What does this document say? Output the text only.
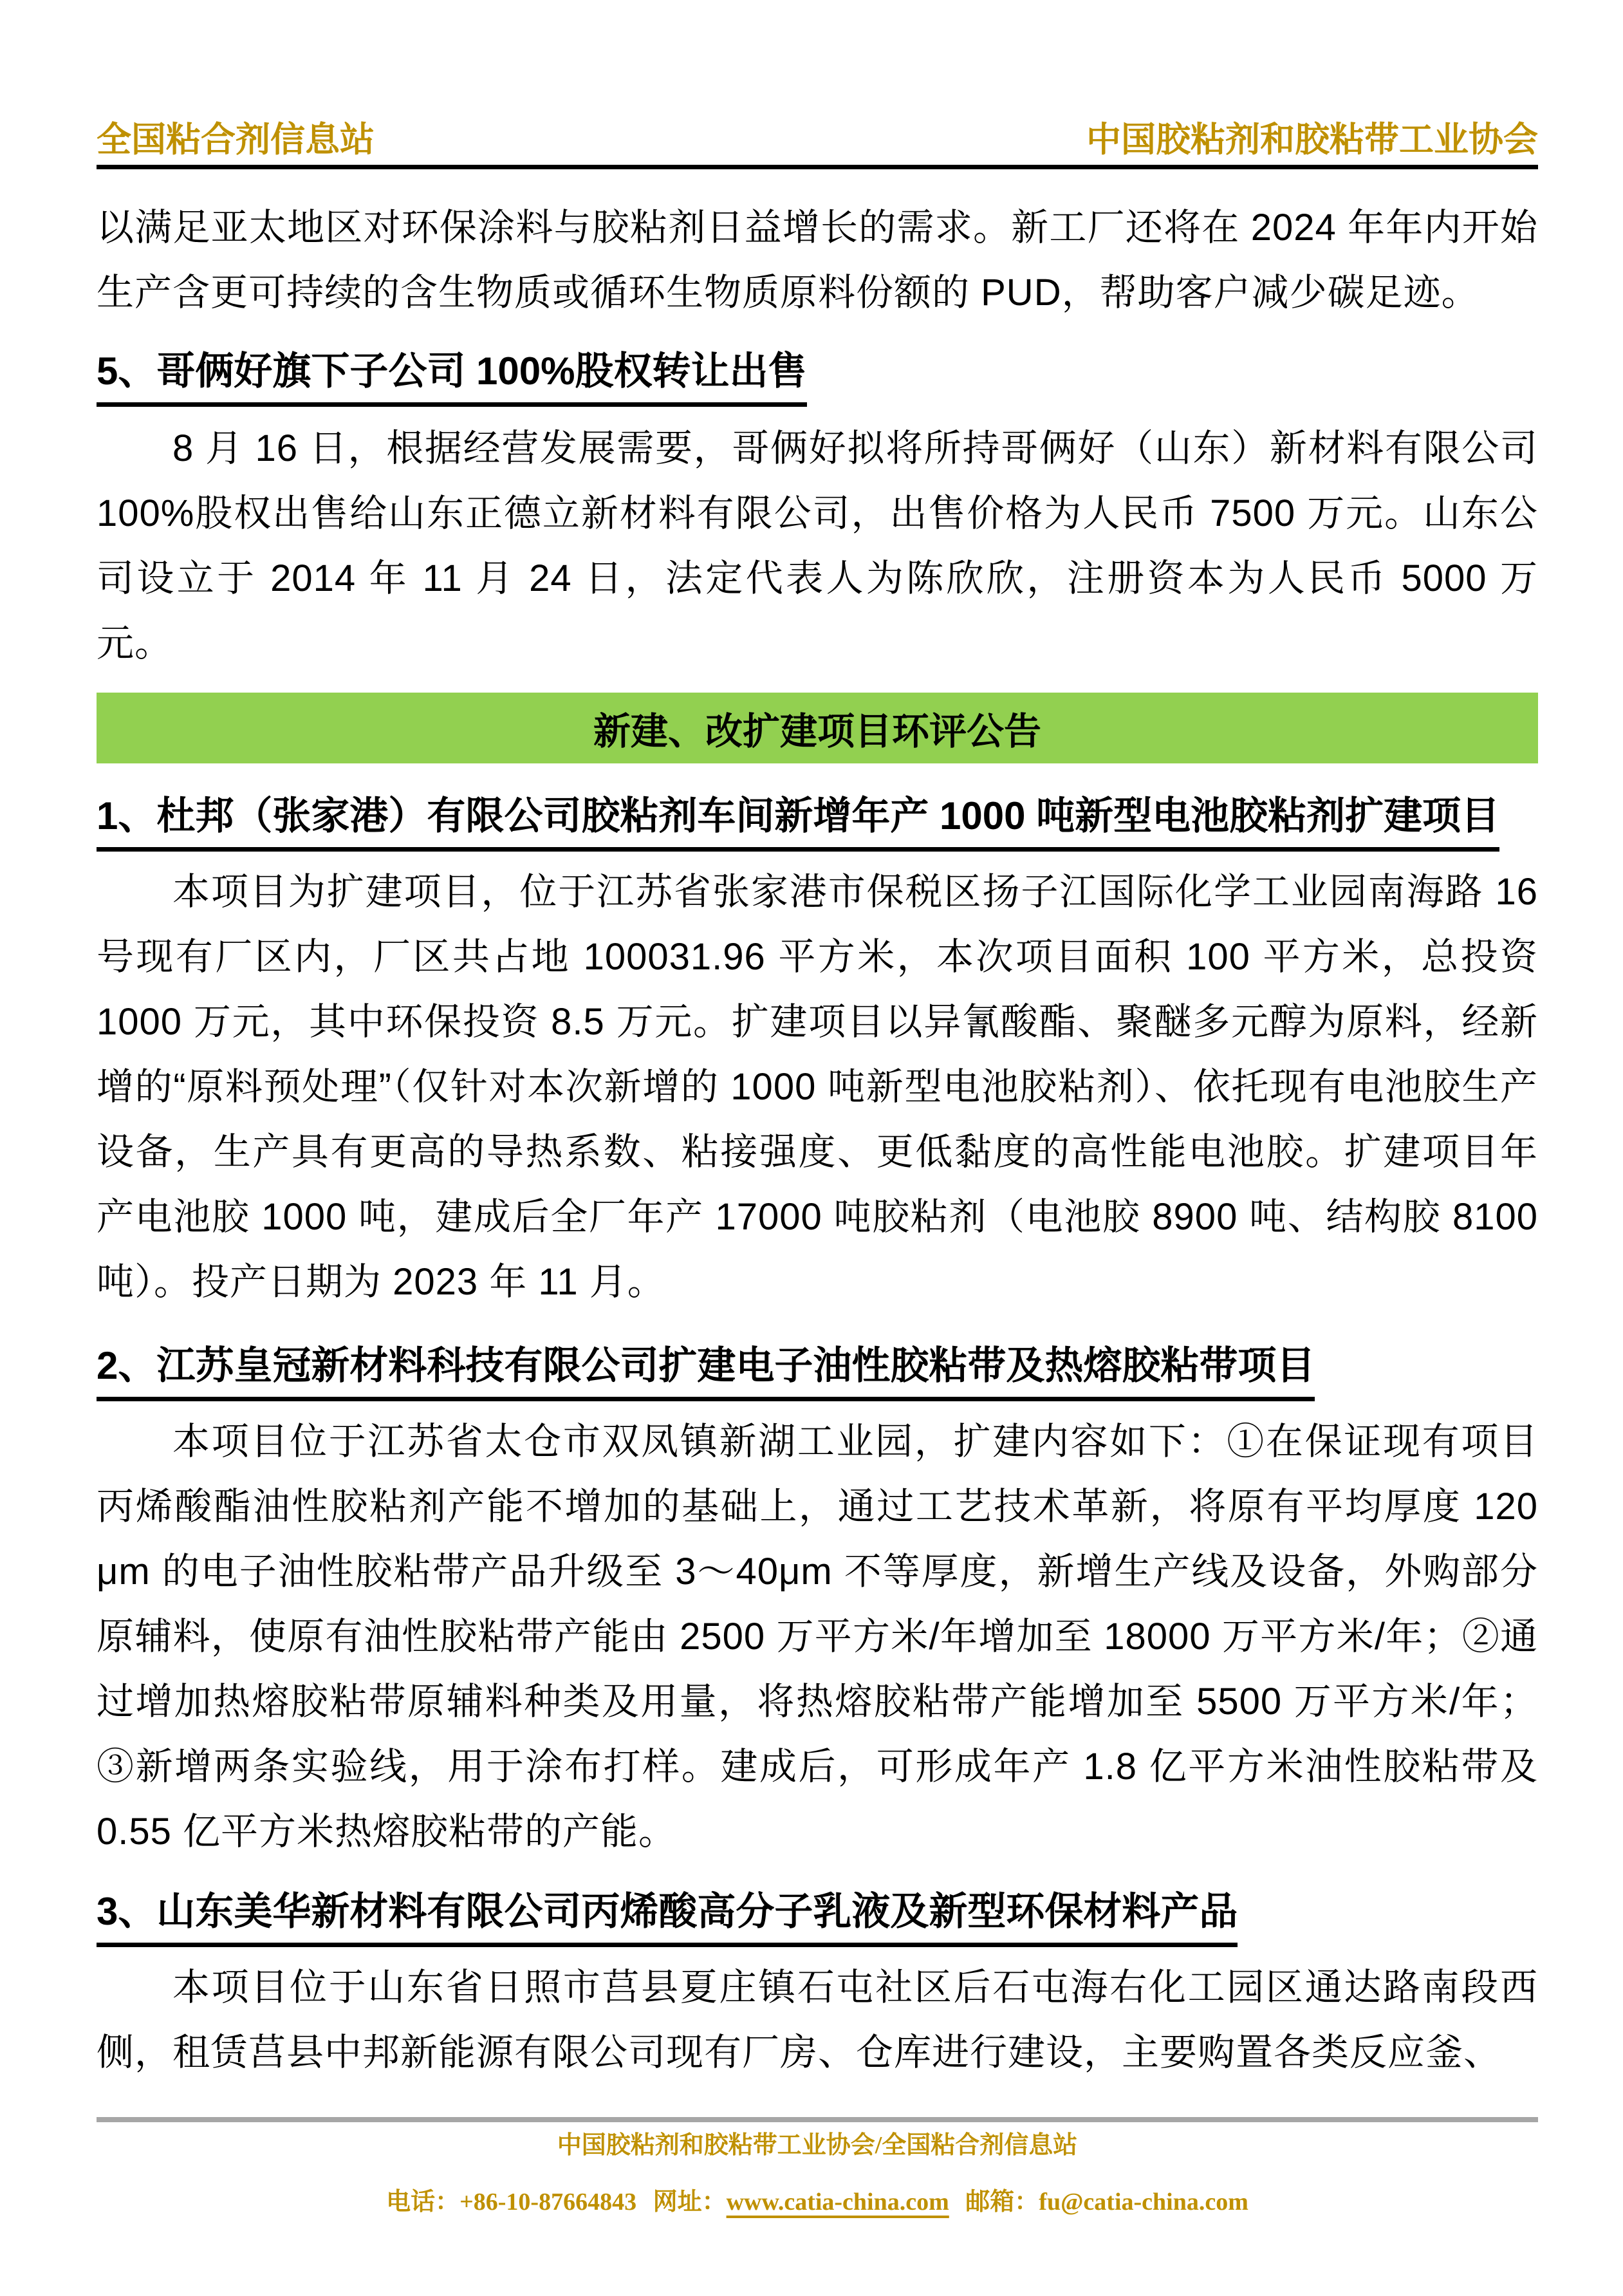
全国粘合剂信息站	中国胶粘剂和胶粘带工业协会

以满足亚太地区对环保涂料与胶粘剂日益增长的需求。新工厂还将在 2024 年年内开始生产含更可持续的含生物质或循环生物质原料份额的 PUD，帮助客户减少碳足迹。

5、哥俩好旗下子公司 100%股权转让出售

8 月 16 日，根据经营发展需要，哥俩好拟将所持哥俩好（山东）新材料有限公司 100%股权出售给山东正德立新材料有限公司，出售价格为人民币 7500 万元。山东公司设立于 2014 年 11 月 24 日，法定代表人为陈欣欣，注册资本为人民币 5000 万元。

新建、改扩建项目环评公告
1、杜邦（张家港）有限公司胶粘剂车间新增年产 1000 吨新型电池胶粘剂扩建项目

本项目为扩建项目，位于江苏省张家港市保税区扬子江国际化学工业园南海路 16 号现有厂区内，厂区共占地 100031.96 平方米，本次项目面积 100 平方米，总投资 1000 万元，其中环保投资 8.5 万元。扩建项目以异氰酸酯、聚醚多元醇为原料，经新增的“原料预处理”（仅针对本次新增的 1000 吨新型电池胶粘剂）、依托现有电池胶生产设备，生产具有更高的导热系数、粘接强度、更低黏度的高性能电池胶。扩建项目年产电池胶 1000 吨，建成后全厂年产 17000 吨胶粘剂（电池胶 8900 吨、结构胶 8100 吨）。投产日期为 2023 年 11 月。

2、江苏皇冠新材料科技有限公司扩建电子油性胶粘带及热熔胶粘带项目

本项目位于江苏省太仓市双凤镇新湖工业园，扩建内容如下：①在保证现有项目丙烯酸酯油性胶粘剂产能不增加的基础上，通过工艺技术革新，将原有平均厚度 120 μm 的电子油性胶粘带产品升级至 3～40μm 不等厚度，新增生产线及设备，外购部分原辅料，使原有油性胶粘带产能由 2500 万平方米/年增加至 18000 万平方米/年；②通过增加热熔胶粘带原辅料种类及用量，将热熔胶粘带产能增加至 5500 万平方米/年；③新增两条实验线，用于涂布打样。建成后，可形成年产 1.8 亿平方米油性胶粘带及 0.55 亿平方米热熔胶粘带的产能。

3、山东美华新材料有限公司丙烯酸高分子乳液及新型环保材料产品

本项目位于山东省日照市莒县夏庄镇石屯社区后石屯海右化工园区通达路南段西侧，租赁莒县中邦新能源有限公司现有厂房、仓库进行建设，主要购置各类反应釜、

中国胶粘剂和胶粘带工业协会/全国粘合剂信息站
电话：+86-10-87664843 网址：www.catia-china.com 邮箱：fu@catia-china.com
